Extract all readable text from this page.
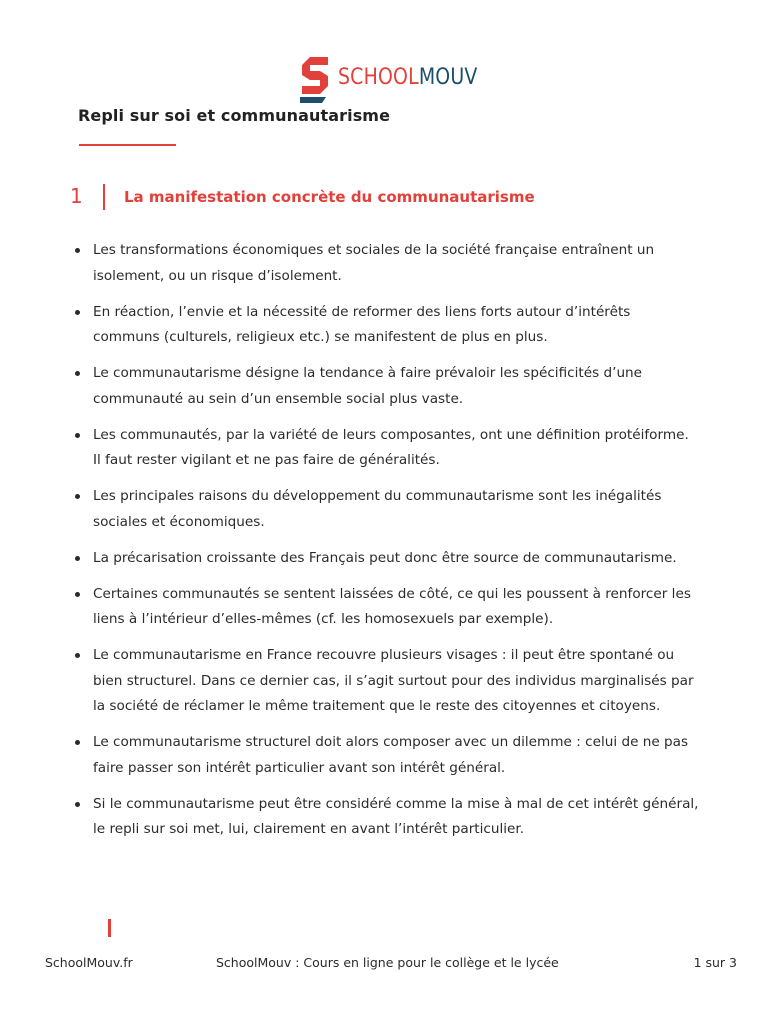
SCHOOLMOUV
Repli sur soi et communautarisme
1	La manifestation concrète du communautarisme
Les transformations économiques et sociales de la société française entraînent un isolement, ou un risque d’isolement.
En réaction, l’envie et la nécessité de reformer des liens forts autour d’intérêts communs (culturels, religieux etc.) se manifestent de plus en plus.
Le communautarisme désigne la tendance à faire prévaloir les spécificités d’une communauté au sein d’un ensemble social plus vaste.
Les communautés, par la variété de leurs composantes, ont une définition protéiforme. Il faut rester vigilant et ne pas faire de généralités.
Les principales raisons du développement du communautarisme sont les inégalités sociales et économiques.
La précarisation croissante des Français peut donc être source de communautarisme.
Certaines communautés se sentent laissées de côté, ce qui les poussent à renforcer les liens à l’intérieur d’elles-mêmes (cf. les homosexuels par exemple).
Le communautarisme en France recouvre plusieurs visages : il peut être spontané ou bien structurel. Dans ce dernier cas, il s’agit surtout pour des individus marginalisés par la société de réclamer le même traitement que le reste des citoyennes et citoyens.
Le communautarisme structurel doit alors composer avec un dilemme : celui de ne pas faire passer son intérêt particulier avant son intérêt général.
Si le communautarisme peut être considéré comme la mise à mal de cet intérêt général, le repli sur soi met, lui, clairement en avant l’intérêt particulier.
SchoolMouv.fr	SchoolMouv : Cours en ligne pour le collège et le lycée	1 sur 3
